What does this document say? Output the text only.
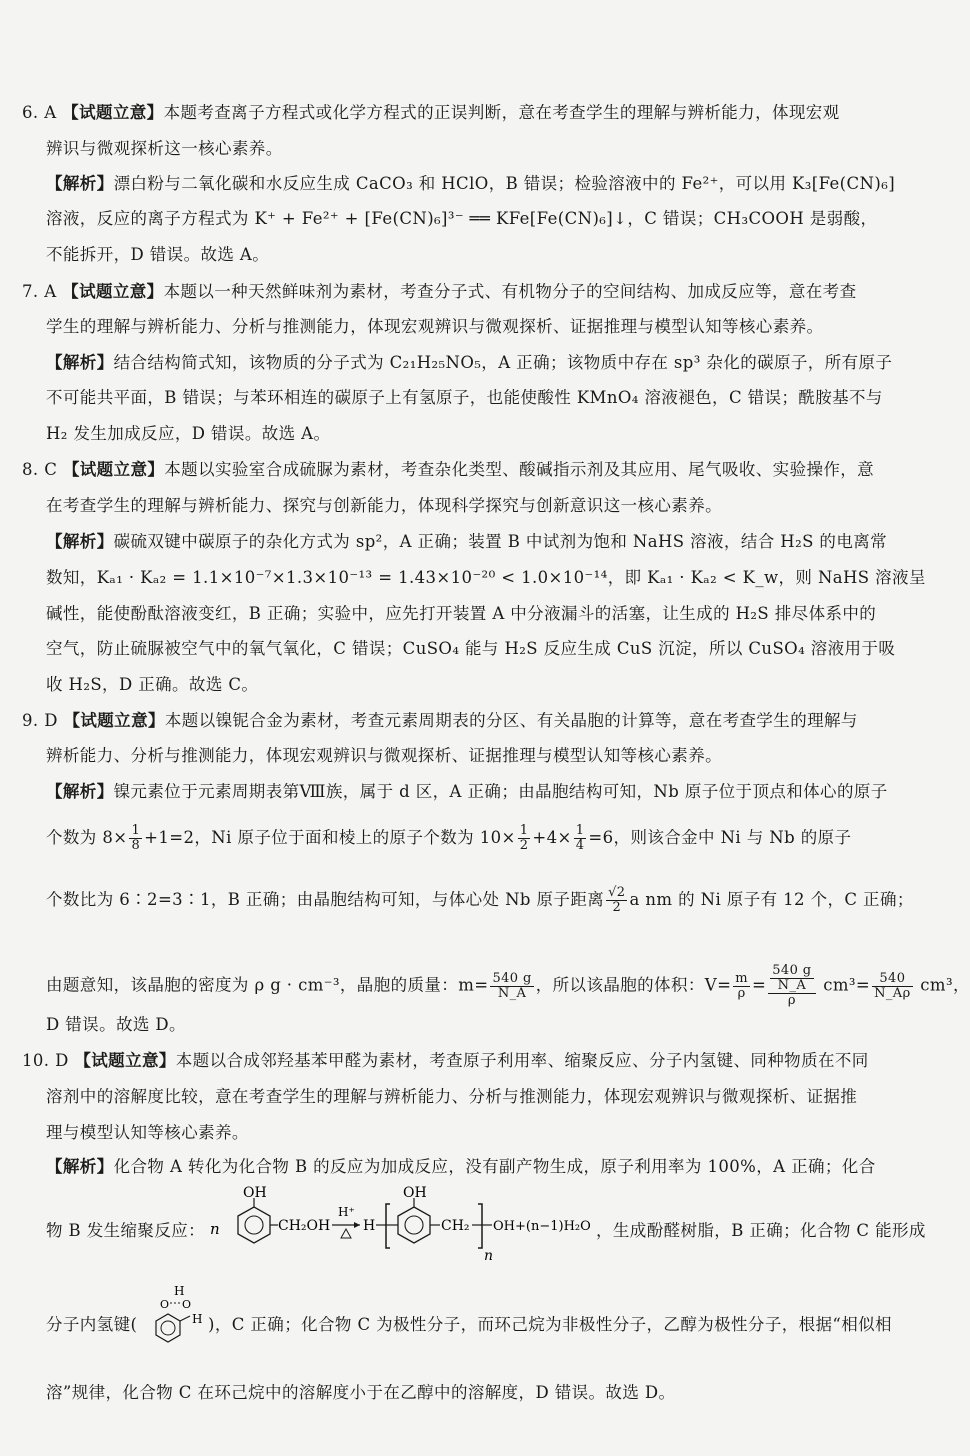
6. A 【试题立意】本题考查离子方程式或化学方程式的正误判断，意在考查学生的理解与辨析能力，体现宏观
辨识与微观探析这一核心素养。
【解析】漂白粉与二氧化碳和水反应生成 CaCO₃ 和 HClO，B 错误；检验溶液中的 Fe²⁺，可以用 K₃[Fe(CN)₆]
溶液，反应的离子方程式为 K⁺ + Fe²⁺ + [Fe(CN)₆]³⁻ ══ KFe[Fe(CN)₆]↓，C 错误；CH₃COOH 是弱酸，
不能拆开，D 错误。故选 A。
7. A 【试题立意】本题以一种天然鲜味剂为素材，考查分子式、有机物分子的空间结构、加成反应等，意在考查
学生的理解与辨析能力、分析与推测能力，体现宏观辨识与微观探析、证据推理与模型认知等核心素养。
【解析】结合结构简式知，该物质的分子式为 C₂₁H₂₅NO₅，A 正确；该物质中存在 sp³ 杂化的碳原子，所有原子
不可能共平面，B 错误；与苯环相连的碳原子上有氢原子，也能使酸性 KMnO₄ 溶液褪色，C 错误；酰胺基不与
H₂ 发生加成反应，D 错误。故选 A。
8. C 【试题立意】本题以实验室合成硫脲为素材，考查杂化类型、酸碱指示剂及其应用、尾气吸收、实验操作，意
在考查学生的理解与辨析能力、探究与创新能力，体现科学探究与创新意识这一核心素养。
【解析】碳硫双键中碳原子的杂化方式为 sp²，A 正确；装置 B 中试剂为饱和 NaHS 溶液，结合 H₂S 的电离常
数知，Kₐ₁ · Kₐ₂ = 1.1×10⁻⁷×1.3×10⁻¹³ = 1.43×10⁻²⁰ < 1.0×10⁻¹⁴，即 Kₐ₁ · Kₐ₂ < K_w，则 NaHS 溶液呈
碱性，能使酚酞溶液变红，B 正确；实验中，应先打开装置 A 中分液漏斗的活塞，让生成的 H₂S 排尽体系中的
空气，防止硫脲被空气中的氧气氧化，C 错误；CuSO₄ 能与 H₂S 反应生成 CuS 沉淀，所以 CuSO₄ 溶液用于吸
收 H₂S，D 正确。故选 C。
9. D 【试题立意】本题以镍铌合金为素材，考查元素周期表的分区、有关晶胞的计算等，意在考查学生的理解与
辨析能力、分析与推测能力，体现宏观辨识与微观探析、证据推理与模型认知等核心素养。
【解析】镍元素位于元素周期表第Ⅷ族，属于 d 区，A 正确；由晶胞结构可知，Nb 原子位于顶点和体心的原子
个数为 $8\times \frac{1}{8} +1=2$，Ni 原子位于面和棱上的原子个数为 $10\times \frac{1}{2} +4\times \frac{1}{4} =6$，则该合金中 Ni 与 Nb 的原子
个数比为 6∶2=3∶1，B 正确；由晶胞结构可知，与体心处 Nb 原子距离 $\frac{√2}{2}$ a nm 的 Ni 原子有 12 个，C 正确；
由题意知，该晶胞的密度为 ρ g · cm⁻³，晶胞的质量：$m= \frac{540 g}{N\_A}$ ，所以该晶胞的体积：$V= \frac{m}{\rho} = \frac{\frac{540 g}{N\_A}}{\rho} cm^3= \frac{540}{N\_A\rho} cm^3$，
D 错误。故选 D。
10. D 【试题立意】本题以合成邻羟基苯甲醛为素材，考查原子利用率、缩聚反应、分子内氢键、同种物质在不同
溶剂中的溶解度比较，意在考查学生的理解与辨析能力、分析与推测能力，体现宏观辨识与微观探析、证据推
理与模型认知等核心素养。
【解析】化合物 A 转化为化合物 B 的反应为加成反应，没有副产物生成，原子利用率为 100%，A 正确；化合
物 B 发生缩聚反应： n
OH
CH₂OH
H⁺
H
OH
CH₂
n
OH+(n−1)H₂O ，生成酚醛树脂，B 正确；化合物 C 能形成
分子内氢键(
H
O O
H )，C 正确；化合物 C 为极性分子，而环己烷为非极性分子，乙醇为极性分子，根据“相似相
溶”规律，化合物 C 在环己烷中的溶解度小于在乙醇中的溶解度，D 错误。故选 D。
